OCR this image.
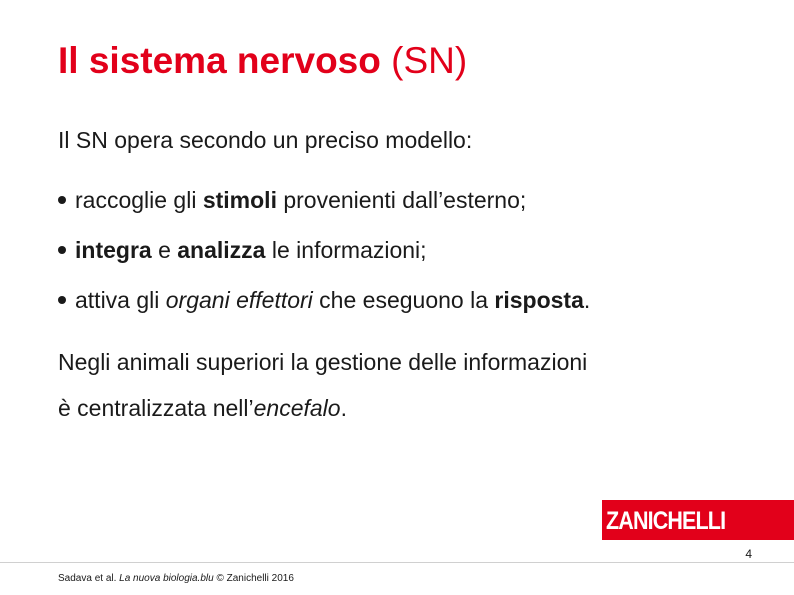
Il sistema nervoso (SN)
Il SN opera secondo un preciso modello:
raccoglie gli stimoli provenienti dall’esterno;
integra e analizza le informazioni;
attiva gli organi effettori che eseguono la risposta.
Negli animali superiori la gestione delle informazioni
è centralizzata nell’encefalo.
ZANICHELLI
4
Sadava et al. La nuova biologia.blu © Zanichelli 2016
